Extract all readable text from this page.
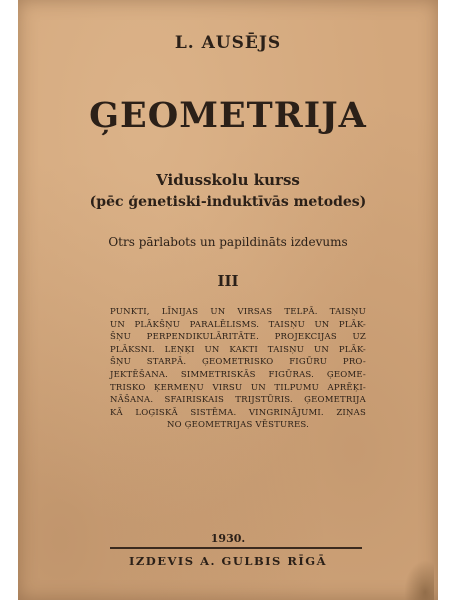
L. AUSĒJS
ĢEOMETRIJA
Vidusskolu kurss
(pēc ģenetiski-induktīvās metodes)
Otrs pārlabots un papildināts izdevums
III

PUNKTI, LĪNIJAS UN VIRSAS TELPĀ. TAISŅU
UN PLĀKŠŅU PARALĒLISMS. TAISŅU UN PLĀK-
ŠŅU PERPENDIKULĀRITĀTE. PROJEKCIJAS UZ
PLĀKSNI. LEŅĶI UN KAKTI TAISŅU UN PLĀK-
ŠŅU STARPĀ. ĢEOMETRISKO FIGŪRU PRO-
JEKTĒŠANA. SIMMETRISKĀS FIGŪRAS. ĢEOME-
TRISKO ĶERMEŅU VIRSU UN TILPUMU APRĒĶI-
NĀŠANA. SFAIRISKAIS TRIJSTŪRIS. ĢEOMETRIJA
KĀ LOĢISKĀ SISTĒMA. VINGRINĀJUMI. ZIŅAS
NO ĢEOMETRIJAS VĒSTURES.

1930.
IZDEVIS A. GULBIS RĪGĀ
